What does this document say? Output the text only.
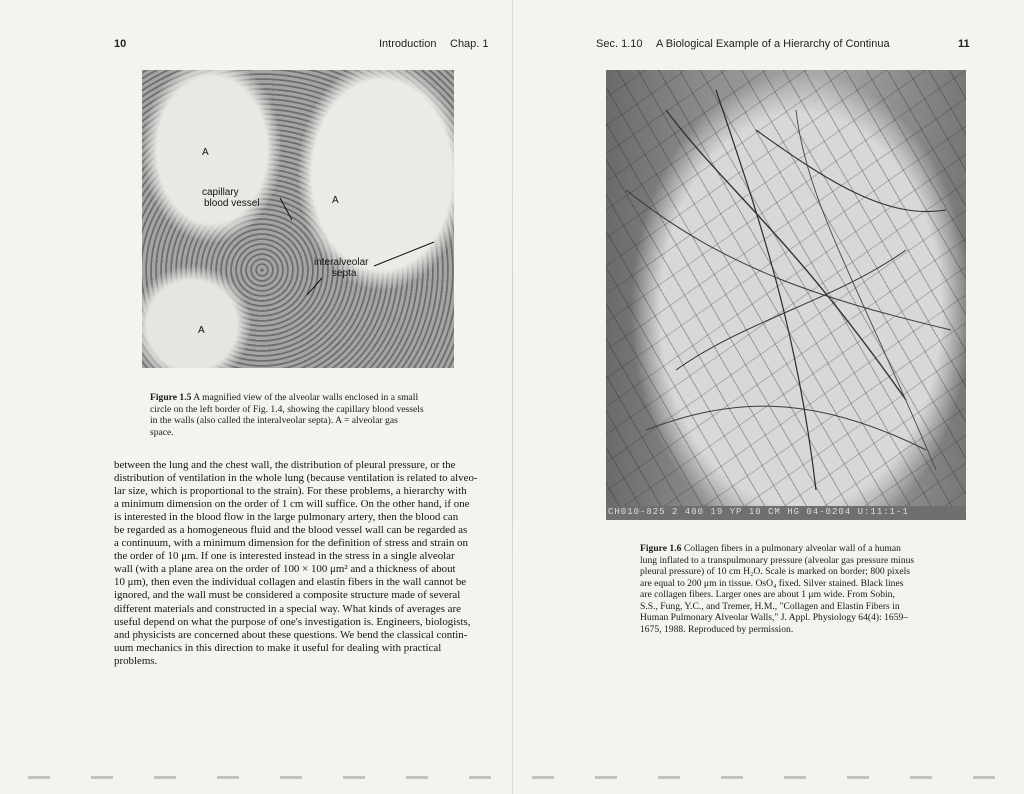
10	Introduction Chap. 1
A
capillary
blood vessel	A
interalveolar
septa
A
Figure 1.5 A magnified view of the alveolar walls enclosed in a small
circle on the left border of Fig. 1.4, showing the capillary blood vessels
in the walls (also called the interalveolar septa). A = alveolar gas
space.
between the lung and the chest wall, the distribution of pleural pressure, or the
distribution of ventilation in the whole lung (because ventilation is related to alveo-
lar size, which is proportional to the strain). For these problems, a hierarchy with
a minimum dimension on the order of 1 cm will suffice. On the other hand, if one
is interested in the blood flow in the large pulmonary artery, then the blood can
be regarded as a homogeneous fluid and the blood vessel wall can be regarded as
a continuum, with a minimum dimension for the definition of stress and strain on
the order of 10 μm. If one is interested instead in the stress in a single alveolar
wall (with a plane area on the order of 100 × 100 μm² and a thickness of about
10 μm), then even the individual collagen and elastin fibers in the wall cannot be
ignored, and the wall must be considered a composite structure made of several
different materials and constructed in a special way. What kinds of averages are
useful depend on what the purpose of one's investigation is. Engineers, biologists,
and physicists are concerned about these questions. We bend the classical contin-
uum mechanics in this direction to make it useful for dealing with practical
problems.
Sec. 1.10 A Biological Example of a Hierarchy of Continua	11
CH010-825 2 400 19 YP 10 CM HG 04-0204 U:11:1-1
Figure 1.6 Collagen fibers in a pulmonary alveolar wall of a human
lung inflated to a transpulmonary pressure (alveolar gas pressure minus
pleural pressure) of 10 cm H₂O. Scale is marked on border; 800 pixels
are equal to 200 μm in tissue. OsO₄ fixed. Silver stained. Black lines
are collagen fibers. Larger ones are about 1 μm wide. From Sobin,
S.S., Fung, Y.C., and Tremer, H.M., "Collagen and Elastin Fibers in
Human Pulmonary Alveolar Walls," J. Appl. Physiology 64(4): 1659–
1675, 1988. Reproduced by permission.
